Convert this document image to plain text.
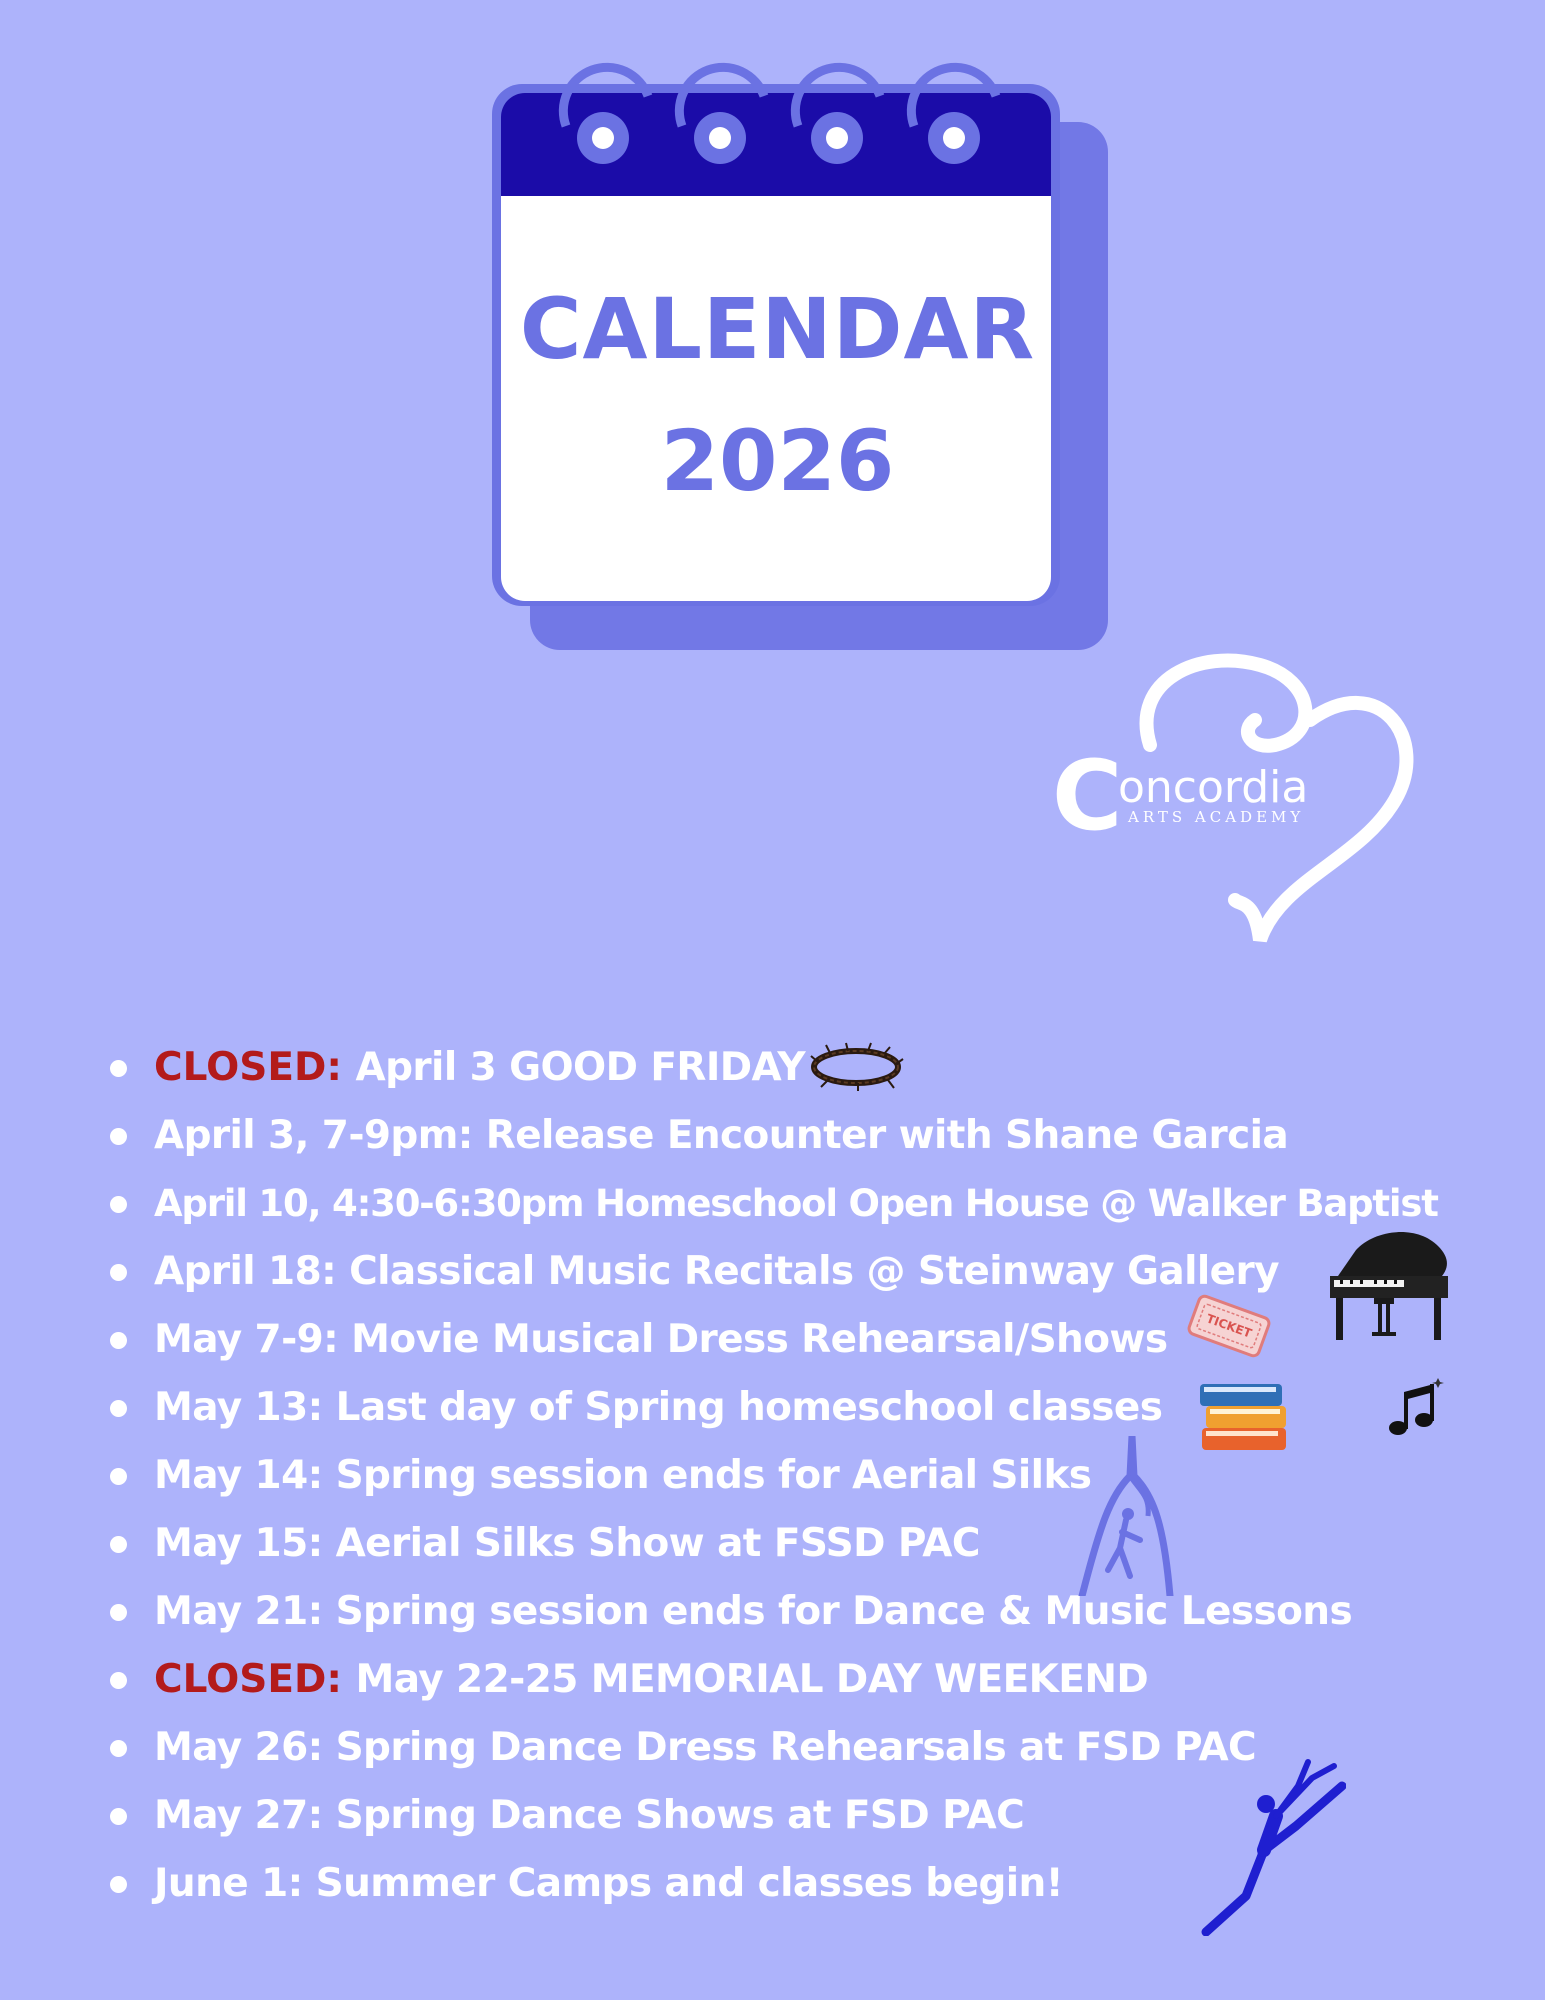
CALENDAR
2026

C

oncordia

ARTS ACADEMY

CLOSED: April 3 GOOD FRIDAY
April 3, 7-9pm: Release Encounter with Shane Garcia
April 10, 4:30-6:30pm Homeschool Open House @ Walker Baptist
April 18: Classical Music Recitals @ Steinway Gallery
May 7-9: Movie Musical Dress Rehearsal/Shows
May 13: Last day of Spring homeschool classes
May 14: Spring session ends for Aerial Silks
May 15: Aerial Silks Show at FSSD PAC
May 21: Spring session ends for Dance & Music Lessons
CLOSED: May 22-25 MEMORIAL DAY WEEKEND
May 26: Spring Dance Dress Rehearsals at FSD PAC
May 27: Spring Dance Shows at FSD PAC
June 1: Summer Camps and classes begin!
TICKET
